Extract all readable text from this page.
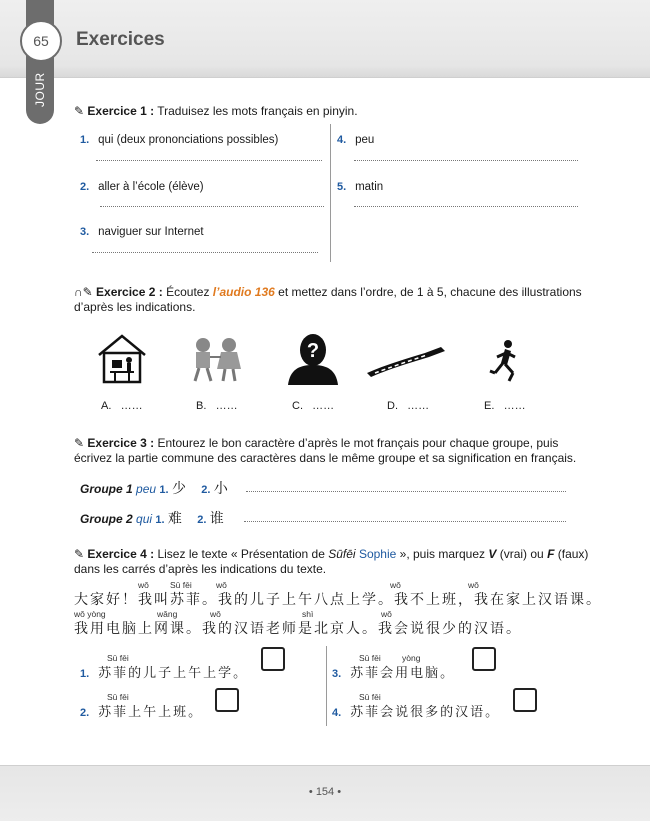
65
JOUR
Exercices
✎ Exercice 1 : Traduisez les mots français en pinyin.
1. qui (deux prononciations possibles)
2. aller à l’école (élève)
3. naviguer sur Internet
4. peu
5. matin
∩✎ Exercice 2 : Écoutez l’audio 136 et mettez dans l’ordre, de 1 à 5, chacune des illustrations
d’après les indications.
?
A. ……	B. ……	C. ……	D. ……	E. ……
✎ Exercice 3 : Entourez le bon caractère d’après le mot français pour chaque groupe, puis
écrivez la partie commune des caractères dans le même groupe et sa signification en français.
Groupe 1 peu 1. 少 2. 小
Groupe 2 qui 1. 难 2. 谁
✎ Exercice 4 : Lisez le texte « Présentation de Sūfēi Sophie », puis marquez V (vrai) ou F (faux)
dans les carrés d’après les indications du texte.
wǒ Sū fēi	wǒ	wǒ	wǒ
大家好！我叫苏菲。我的儿子上午八点上学。我不上班，我在家上汉语课。
wǒ yòng	wǎng	wǒ	shì	wǒ
我用电脑上网课。我的汉语老师是北京人。我会说很少的汉语。
Sū fēi
1. 苏菲的儿子上午上学。
Sū fēi
2. 苏菲上午上班。
Sū fēi	yòng
3. 苏菲会用电脑。
Sū fēi
4. 苏菲会说很多的汉语。
• 154 •
